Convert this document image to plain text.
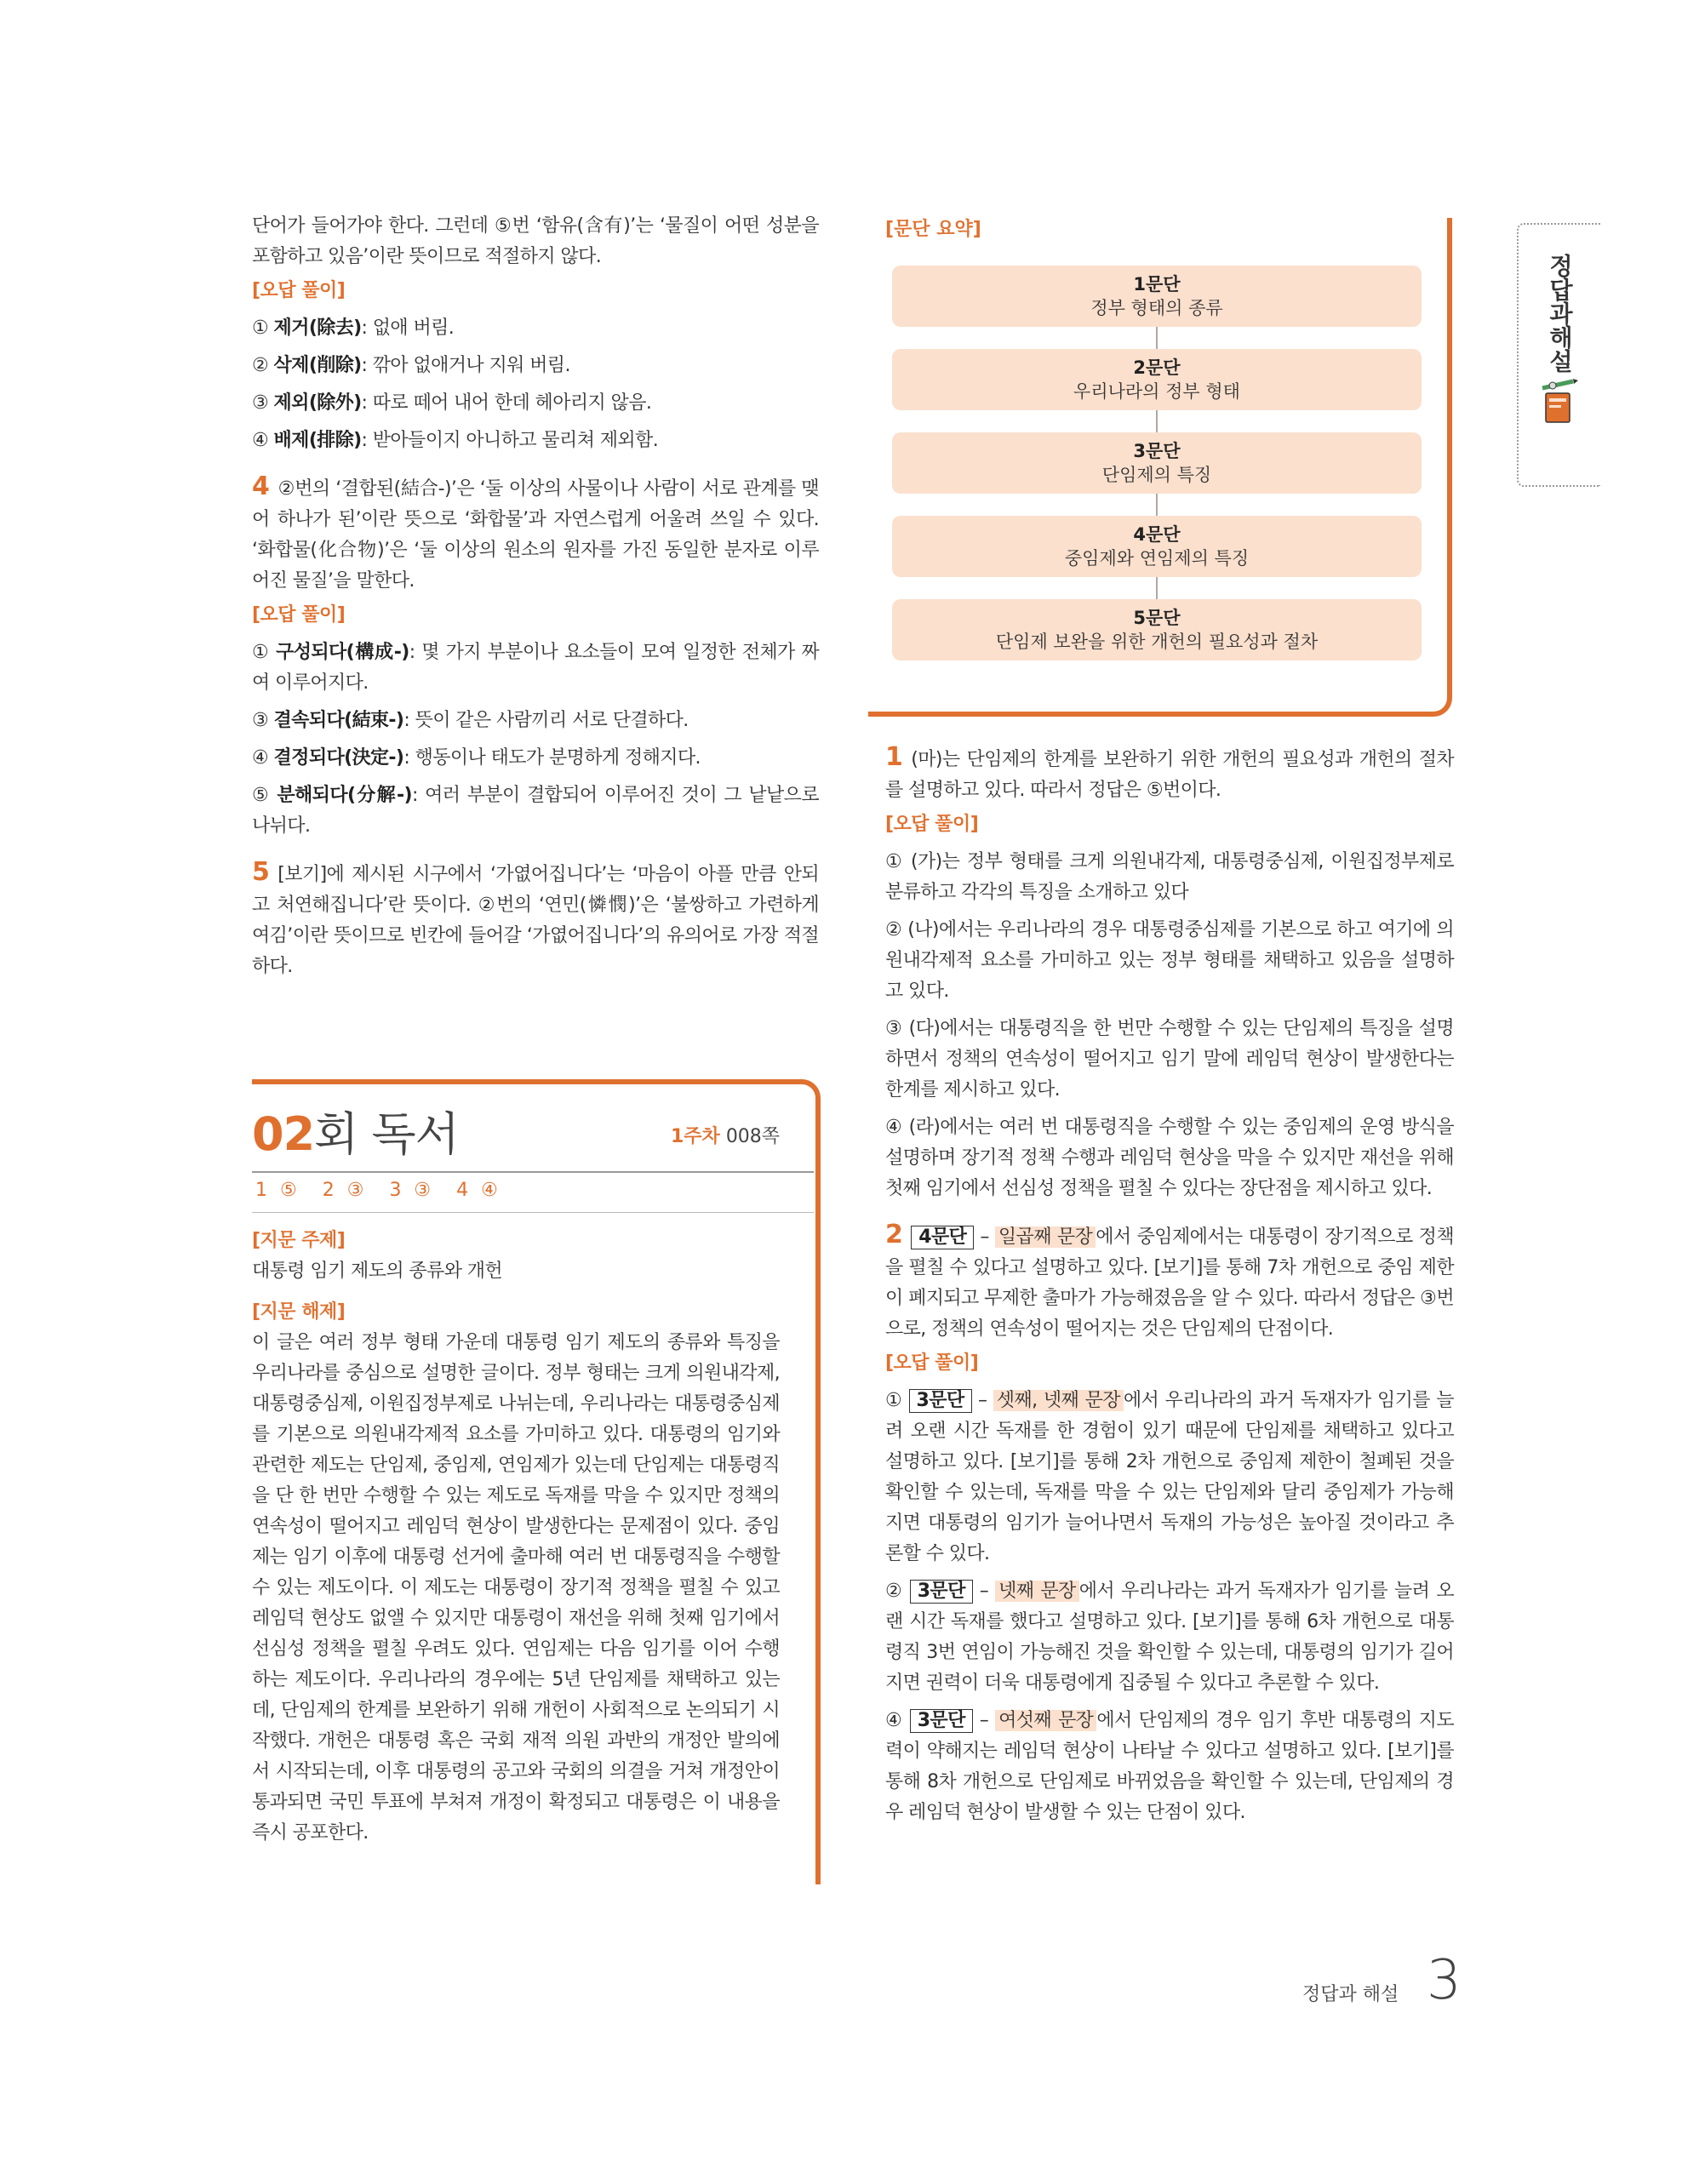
단어가 들어가야 한다. 그런데 ⑤번 ‘함유(含有)’는 ‘물질이 어떤 성분을 포함하고 있음’이란 뜻이므로 적절하지 않다.

[오답 풀이]

① 제거(除去): 없애 버림.

② 삭제(削除): 깎아 없애거나 지워 버림.

③ 제외(除外): 따로 떼어 내어 한데 헤아리지 않음.

④ 배제(排除): 받아들이지 아니하고 물리쳐 제외함.

4 ②번의 ‘결합된(結合-)’은 ‘둘 이상의 사물이나 사람이 서로 관계를 맺어 하나가 된’이란 뜻으로 ‘화합물’과 자연스럽게 어울려 쓰일 수 있다. ‘화합물(化合物)’은 ‘둘 이상의 원소의 원자를 가진 동일한 분자로 이루어진 물질’을 말한다.

[오답 풀이]

① 구성되다(構成-): 몇 가지 부분이나 요소들이 모여 일정한 전체가 짜여 이루어지다.

③ 결속되다(結束-): 뜻이 같은 사람끼리 서로 단결하다.

④ 결정되다(決定-): 행동이나 태도가 분명하게 정해지다.

⑤ 분해되다(分解-): 여러 부분이 결합되어 이루어진 것이 그 낱낱으로 나뉘다.

5 [보기]에 제시된 시구에서 ‘가엾어집니다’는 ‘마음이 아플 만큼 안되고 처연해집니다’란 뜻이다. ②번의 ‘연민(憐憫)’은 ‘불쌍하고 가련하게 여김’이란 뜻이므로 빈칸에 들어갈 ‘가엾어집니다’의 유의어로 가장 적절하다.

02회 독서	1주차 008쪽
1 ⑤ 2 ③ 3 ③ 4 ④
[지문 주제]

대통령 임기 제도의 종류와 개헌

[지문 해제]

이 글은 여러 정부 형태 가운데 대통령 임기 제도의 종류와 특징을 우리나라를 중심으로 설명한 글이다. 정부 형태는 크게 의원내각제, 대통령중심제, 이원집정부제로 나뉘는데, 우리나라는 대통령중심제를 기본으로 의원내각제적 요소를 가미하고 있다. 대통령의 임기와 관련한 제도는 단임제, 중임제, 연임제가 있는데 단임제는 대통령직을 단 한 번만 수행할 수 있는 제도로 독재를 막을 수 있지만 정책의 연속성이 떨어지고 레임덕 현상이 발생한다는 문제점이 있다. 중임제는 임기 이후에 대통령 선거에 출마해 여러 번 대통령직을 수행할 수 있는 제도이다. 이 제도는 대통령이 장기적 정책을 펼칠 수 있고 레임덕 현상도 없앨 수 있지만 대통령이 재선을 위해 첫째 임기에서 선심성 정책을 펼칠 우려도 있다. 연임제는 다음 임기를 이어 수행하는 제도이다. 우리나라의 경우에는 5년 단임제를 채택하고 있는데, 단임제의 한계를 보완하기 위해 개헌이 사회적으로 논의되기 시작했다. 개헌은 대통령 혹은 국회 재적 의원 과반의 개정안 발의에서 시작되는데, 이후 대통령의 공고와 국회의 의결을 거쳐 개정안이 통과되면 국민 투표에 부쳐져 개정이 확정되고 대통령은 이 내용을 즉시 공포한다.

[문단 요약]
1문단
정부 형태의 종류
2문단
우리나라의 정부 형태
3문단
단임제의 특징
4문단
중임제와 연임제의 특징
5문단
단임제 보완을 위한 개헌의 필요성과 절차
정답과해설

1 (마)는 단임제의 한계를 보완하기 위한 개헌의 필요성과 개헌의 절차를 설명하고 있다. 따라서 정답은 ⑤번이다.

[오답 풀이]

① (가)는 정부 형태를 크게 의원내각제, 대통령중심제, 이원집정부제로 분류하고 각각의 특징을 소개하고 있다

② (나)에서는 우리나라의 경우 대통령중심제를 기본으로 하고 여기에 의원내각제적 요소를 가미하고 있는 정부 형태를 채택하고 있음을 설명하고 있다.

③ (다)에서는 대통령직을 한 번만 수행할 수 있는 단임제의 특징을 설명하면서 정책의 연속성이 떨어지고 임기 말에 레임덕 현상이 발생한다는 한계를 제시하고 있다.

④ (라)에서는 여러 번 대통령직을 수행할 수 있는 중임제의 운영 방식을 설명하며 장기적 정책 수행과 레임덕 현상을 막을 수 있지만 재선을 위해 첫째 임기에서 선심성 정책을 펼칠 수 있다는 장단점을 제시하고 있다.

2 4문단 – 일곱째 문장 에서 중임제에서는 대통령이 장기적으로 정책을 펼칠 수 있다고 설명하고 있다. [보기]를 통해 7차 개헌으로 중임 제한이 폐지되고 무제한 출마가 가능해졌음을 알 수 있다. 따라서 정답은 ③번으로, 정책의 연속성이 떨어지는 것은 단임제의 단점이다.

[오답 풀이]

① 3문단 – 셋째, 넷째 문장 에서 우리나라의 과거 독재자가 임기를 늘려 오랜 시간 독재를 한 경험이 있기 때문에 단임제를 채택하고 있다고 설명하고 있다. [보기]를 통해 2차 개헌으로 중임제 제한이 철폐된 것을 확인할 수 있는데, 독재를 막을 수 있는 단임제와 달리 중임제가 가능해지면 대통령의 임기가 늘어나면서 독재의 가능성은 높아질 것이라고 추론할 수 있다.

② 3문단 – 넷째 문장 에서 우리나라는 과거 독재자가 임기를 늘려 오랜 시간 독재를 했다고 설명하고 있다. [보기]를 통해 6차 개헌으로 대통령직 3번 연임이 가능해진 것을 확인할 수 있는데, 대통령의 임기가 길어지면 권력이 더욱 대통령에게 집중될 수 있다고 추론할 수 있다.

④ 3문단 – 여섯째 문장 에서 단임제의 경우 임기 후반 대통령의 지도력이 약해지는 레임덕 현상이 나타날 수 있다고 설명하고 있다. [보기]를 통해 8차 개헌으로 단임제로 바뀌었음을 확인할 수 있는데, 단임제의 경우 레임덕 현상이 발생할 수 있는 단점이 있다.

정답과 해설 3
